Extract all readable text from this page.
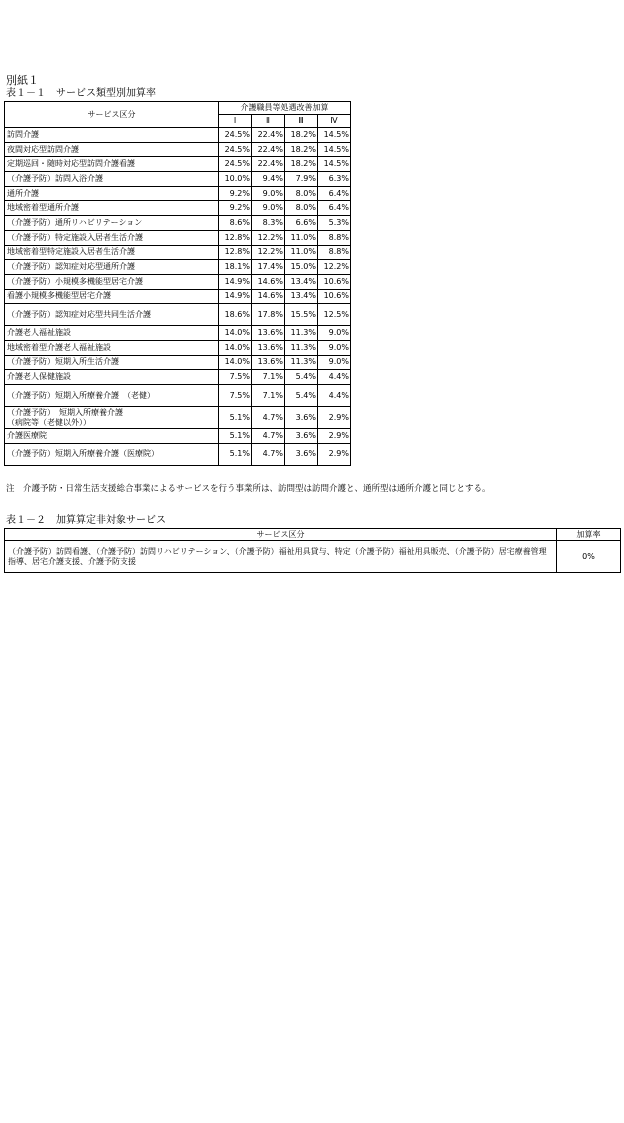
別紙１
表１－１　サービス類型別加算率
サービス区分	介護職員等処遇改善加算			
	Ⅰ	Ⅱ	Ⅲ	Ⅳ
訪問介護	24.5%	22.4%	18.2%	14.5%
夜間対応型訪問介護	24.5%	22.4%	18.2%	14.5%
定期巡回・随時対応型訪問介護看護	24.5%	22.4%	18.2%	14.5%
（介護予防）訪問入浴介護	10.0%	9.4%	7.9%	6.3%
通所介護	9.2%	9.0%	8.0%	6.4%
地域密着型通所介護	9.2%	9.0%	8.0%	6.4%
（介護予防）通所リハビリテーション	8.6%	8.3%	6.6%	5.3%
（介護予防）特定施設入居者生活介護	12.8%	12.2%	11.0%	8.8%
地域密着型特定施設入居者生活介護	12.8%	12.2%	11.0%	8.8%
（介護予防）認知症対応型通所介護	18.1%	17.4%	15.0%	12.2%
（介護予防）小規模多機能型居宅介護	14.9%	14.6%	13.4%	10.6%
看護小規模多機能型居宅介護	14.9%	14.6%	13.4%	10.6%
（介護予防）認知症対応型共同生活介護	18.6%	17.8%	15.5%	12.5%
介護老人福祉施設	14.0%	13.6%	11.3%	9.0%
地域密着型介護老人福祉施設	14.0%	13.6%	11.3%	9.0%
（介護予防）短期入所生活介護	14.0%	13.6%	11.3%	9.0%
介護老人保健施設	7.5%	7.1%	5.4%	4.4%
（介護予防）短期入所療養介護　（老健）	7.5%	7.1%	5.4%	4.4%
（介護予防）　短期入所療養介護
（病院等（老健以外））	5.1%	4.7%	3.6%	2.9%
介護医療院	5.1%	4.7%	3.6%	2.9%
（介護予防）短期入所療養介護（医療院）	5.1%	4.7%	3.6%	2.9%
注　介護予防・日常生活支援総合事業によるサービスを行う事業所は、訪問型は訪問介護と、通所型は通所介護と同じとする。
表１－２　加算算定非対象サービス
サービス区分	加算率
（介護予防）訪問看護、（介護予防）訪問リハビリテーション、（介護予防）福祉用具貸与、特定（介護予防）福祉用具販売、（介護予防）居宅療養管理指導、居宅介護支援、介護予防支援	0%
